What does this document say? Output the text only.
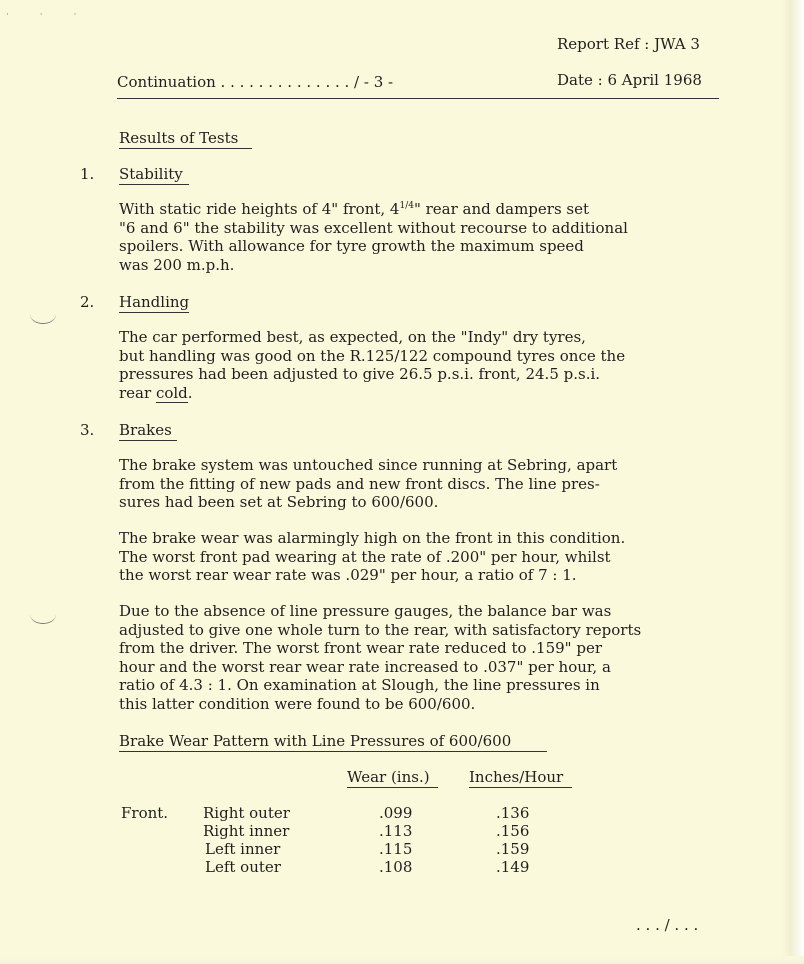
· · ·
Report Ref : JWA 3
Continuation . . . . . . . . . . . . . . / - 3 -	Date : 6 April 1968
Results of Tests
1. Stability
With static ride heights of 4" front, $4^{1/4}$" rear and dampers set
"6 and 6" the stability was excellent without recourse to additional
spoilers. With allowance for tyre growth the maximum speed
was 200 m.p.h.
2. Handling
The car performed best, as expected, on the "Indy" dry tyres,
but handling was good on the R.125/122 compound tyres once the
pressures had been adjusted to give 26.5 p.s.i. front, 24.5 p.s.i.
rear cold.
3. Brakes
The brake system was untouched since running at Sebring, apart
from the fitting of new pads and new front discs. The line pres-
sures had been set at Sebring to 600/600.
The brake wear was alarmingly high on the front in this condition.
The worst front pad wearing at the rate of .200" per hour, whilst
the worst rear wear rate was .029" per hour, a ratio of 7 : 1.
Due to the absence of line pressure gauges, the balance bar was
adjusted to give one whole turn to the rear, with satisfactory reports
from the driver. The worst front wear rate reduced to .159" per
hour and the worst rear wear rate increased to .037" per hour, a
ratio of 4.3 : 1. On examination at Slough, the line pressures in
this latter condition were found to be 600/600.
Brake Wear Pattern with Line Pressures of 600/600
Wear (ins.)	Inches/Hour
Front. Right outer	.099	.136
Right inner	.113	.156
Left inner	.115	.159
Left outer	.108	.149
. . . / . . .
